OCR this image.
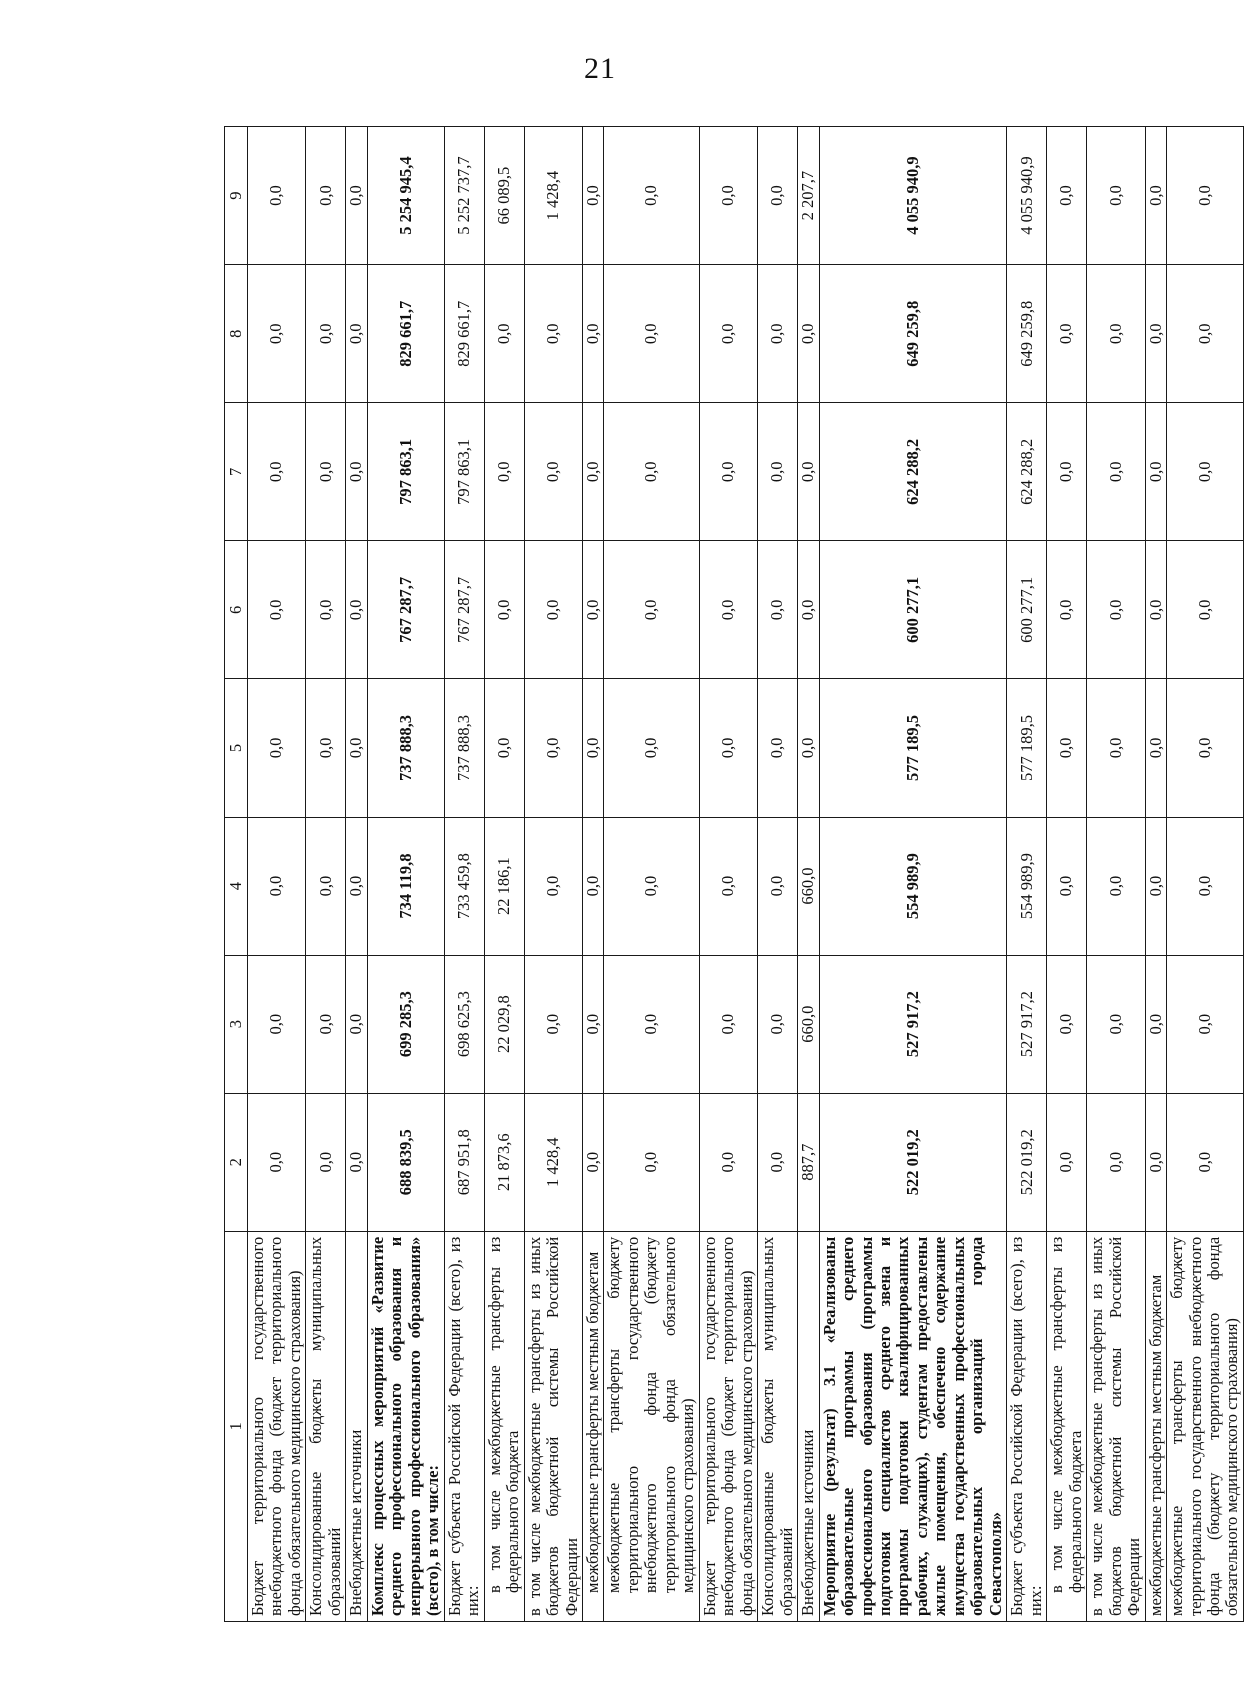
21
1	2	3	4	5	6	7	8	9
Бюджет территориального государственного внебюджетного фонда (бюджет территориального фонда обязательного медицинского страхования)	0,0	0,0	0,0	0,0	0,0	0,0	0,0	0,0
Консолидированные бюджеты муниципальных образований	0,0	0,0	0,0	0,0	0,0	0,0	0,0	0,0
Внебюджетные источники	0,0	0,0	0,0	0,0	0,0	0,0	0,0	0,0
Комплекс процессных мероприятий «Развитие среднего профессионального образования и непрерывного профессионального образования» (всего), в том числе:	688 839,5	699 285,3	734 119,8	737 888,3	767 287,7	797 863,1	829 661,7	5 254 945,4
Бюджет субъекта Российской Федерации (всего), из них:	687 951,8	698 625,3	733 459,8	737 888,3	767 287,7	797 863,1	829 661,7	5 252 737,7
в том числе межбюджетные трансферты из федерального бюджета	21 873,6	22 029,8	22 186,1	0,0	0,0	0,0	0,0	66 089,5
в том числе межбюджетные трансферты из иных бюджетов бюджетной системы Российской Федерации	1 428,4	0,0	0,0	0,0	0,0	0,0	0,0	1 428,4
межбюджетные трансферты местным бюджетам	0,0	0,0	0,0	0,0	0,0	0,0	0,0	0,0
межбюджетные трансферты бюджету территориального государственного внебюджетного фонда (бюджету территориального фонда обязательного медицинского страхования)	0,0	0,0	0,0	0,0	0,0	0,0	0,0	0,0
Бюджет территориального государственного внебюджетного фонда (бюджет территориального фонда обязательного медицинского страхования)	0,0	0,0	0,0	0,0	0,0	0,0	0,0	0,0
Консолидированные бюджеты муниципальных образований	0,0	0,0	0,0	0,0	0,0	0,0	0,0	0,0
Внебюджетные источники	887,7	660,0	660,0	0,0	0,0	0,0	0,0	2 207,7
Мероприятие (результат) 3.1 «Реализованы образовательные программы среднего профессионального образования (программы подготовки специалистов среднего звена и программы подготовки квалифицированных рабочих, служащих), студентам предоставлены жилые помещения, обеспечено содержание имущества государственных профессиональных образовательных организаций города Севастополя»	522 019,2	527 917,2	554 989,9	577 189,5	600 277,1	624 288,2	649 259,8	4 055 940,9
Бюджет субъекта Российской Федерации (всего), из них:	522 019,2	527 917,2	554 989,9	577 189,5	600 277,1	624 288,2	649 259,8	4 055 940,9
в том числе межбюджетные трансферты из федерального бюджета	0,0	0,0	0,0	0,0	0,0	0,0	0,0	0,0
в том числе межбюджетные трансферты из иных бюджетов бюджетной системы Российской Федерации	0,0	0,0	0,0	0,0	0,0	0,0	0,0	0,0
межбюджетные трансферты местным бюджетам	0,0	0,0	0,0	0,0	0,0	0,0	0,0	0,0
межбюджетные трансферты бюджету территориального государственного внебюджетного фонда (бюджету территориального фонда обязательного медицинского страхования)	0,0	0,0	0,0	0,0	0,0	0,0	0,0	0,0
